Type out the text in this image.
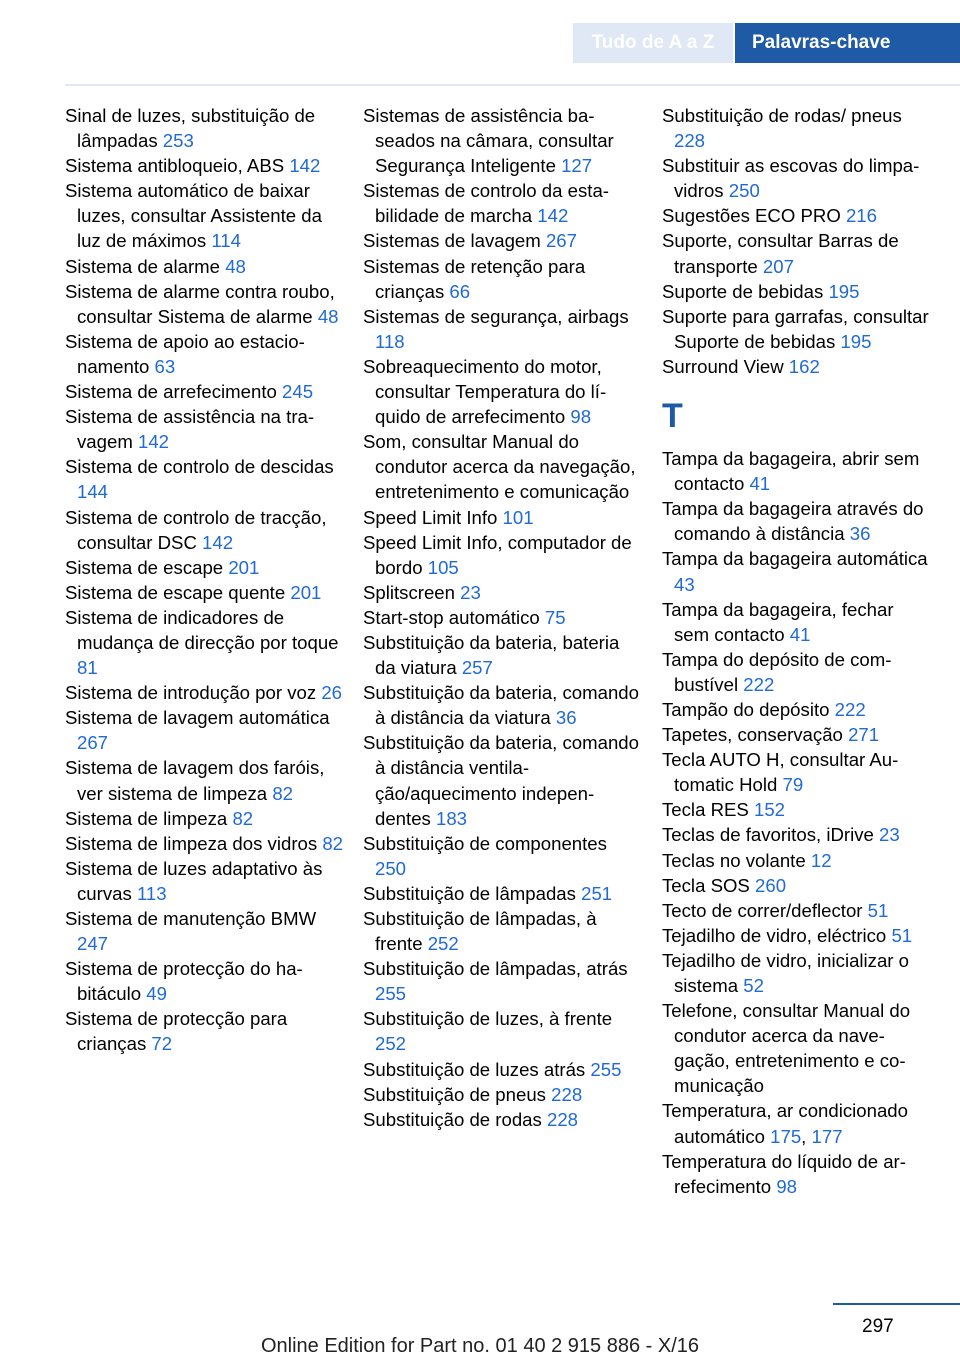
Tudo de A a Z	Palavras-chave
Sinal de luzes, substituição de lâmpadas 253
Sistema antibloqueio, ABS 142
Sistema automático de baixar luzes, consultar Assistente da luz de máximos 114
Sistema de alarme 48
Sistema de alarme contra roubo, consultar Sistema de alarme 48
Sistema de apoio ao estacionamento 63
Sistema de arrefecimento 245
Sistema de assistência na travagem 142
Sistema de controlo de descidas 144
Sistema de controlo de tracção, consultar DSC 142
Sistema de escape 201
Sistema de escape quente 201
Sistema de indicadores de mudança de direcção por toque 81
Sistema de introdução por voz 26
Sistema de lavagem automática 267
Sistema de lavagem dos faróis, ver sistema de limpeza 82
Sistema de limpeza 82
Sistema de limpeza dos vidros 82
Sistema de luzes adaptativo às curvas 113
Sistema de manutenção BMW 247
Sistema de protecção do habitáculo 49
Sistema de protecção para crianças 72
Sistemas de assistência baseados na câmara, consultar Segurança Inteligente 127
Sistemas de controlo da estabilidade de marcha 142
Sistemas de lavagem 267
Sistemas de retenção para crianças 66
Sistemas de segurança, airbags 118
Sobreaquecimento do motor, consultar Temperatura do líquido de arrefecimento 98
Som, consultar Manual do condutor acerca da navegação, entretenimento e comunicação
Speed Limit Info 101
Speed Limit Info, computador de bordo 105
Splitscreen 23
Start-stop automático 75
Substituição da bateria, bateria da viatura 257
Substituição da bateria, comando à distância da viatura 36
Substituição da bateria, comando à distância ventilação/aquecimento independentes 183
Substituição de componentes 250
Substituição de lâmpadas 251
Substituição de lâmpadas, à frente 252
Substituição de lâmpadas, atrás 255
Substituição de luzes, à frente 252
Substituição de luzes atrás 255
Substituição de pneus 228
Substituição de rodas 228
Substituição de rodas/ pneus 228
Substituir as escovas do limpa-vidros 250
Sugestões ECO PRO 216
Suporte, consultar Barras de transporte 207
Suporte de bebidas 195
Suporte para garrafas, consultar Suporte de bebidas 195
Surround View 162
T
Tampa da bagageira, abrir sem contacto 41
Tampa da bagageira através do comando à distância 36
Tampa da bagageira automática 43
Tampa da bagageira, fechar sem contacto 41
Tampa do depósito de combustível 222
Tampão do depósito 222
Tapetes, conservação 271
Tecla AUTO H, consultar Automatic Hold 79
Tecla RES 152
Teclas de favoritos, iDrive 23
Teclas no volante 12
Tecla SOS 260
Tecto de correr/deflector 51
Tejadilho de vidro, eléctrico 51
Tejadilho de vidro, inicializar o sistema 52
Telefone, consultar Manual do condutor acerca da navegação, entretenimento e comunicação
Temperatura, ar condicionado automático 175, 177
Temperatura do líquido de arrefecimento 98
297
Online Edition for Part no. 01 40 2 915 886 - X/16
